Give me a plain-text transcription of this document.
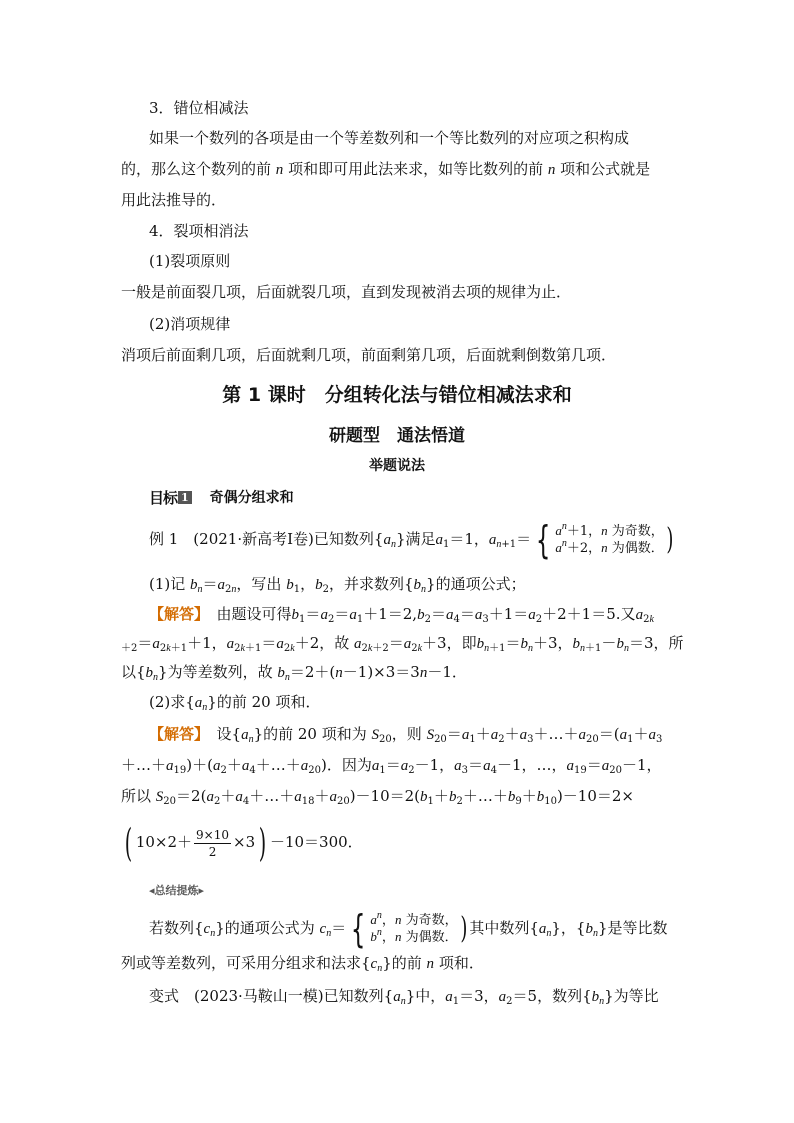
3．错位相减法
如果一个数列的各项是由一个等差数列和一个等比数列的对应项之积构成
的，那么这个数列的前 n 项和即可用此法来求，如等比数列的前 n 项和公式就是
用此法推导的．
4．裂项相消法
(1)裂项原则
一般是前面裂几项，后面就裂几项，直到发现被消去项的规律为止．
(2)消项规律
消项后前面剩几项，后面就剩几项，前面剩第几项，后面就剩倒数第几项．
第 1 课时　分组转化法与错位相减法求和
研题型　通法悟道
举题说法
目标 1 奇偶分组求和
例 1　(2021·新高考Ⅰ卷)已知数列$\{a_n\}$满足$a_1=1$，$a_{n+1}=$ { $a^n+1$，n 为奇数，
$a^n+2$，n 为偶数．)
(1)记 $b_n=a_{2n}$，写出 $b_1$，$b_2$，并求数列$\{b_n\}$的通项公式；
【解答】　 由题设可得$b_1=a_2=a_1+1=2,b_2=a_4=a_3+1=a_2+2+1=5$.又$a_{2k}$
$_{+2}=a_{2k+1}+1$，$a_{2k+1}=a_{2k}+2$，故 $a_{2k+2}=a_{2k}+3$，即$b_{n+1}=b_n+3$，$b_{n+1}-b_n=3$，所
以$\{b_n\}$为等差数列，故 $b_n=2+(n-1)\times 3=3n-1$．
(2)求$\{a_n\}$的前 20 项和．
【解答】　 设$\{a_n\}$的前 20 项和为 $S_{20}$，则 $S_{20}=a_1+a_2+a_3+\dots+a_{20}=(a_1+a_3$
$+\dots+a_{19})+(a_2+a_4+\dots+a_{20})$．因为$a_1=a_2-1$，$a_3=a_4-1$，…，$a_{19}=a_{20}-1$，
所以 $S_{20}=2(a_2+a_4+\dots+a_{18}+a_{20})-10=2(b_1+b_2+\dots+b_9+b_{10})-10=2\times$
( $10\times 2+ \frac{9\times 10}{2} \times 3) -10=300$．
◂总结提炼▸
若数列$\{c_n\}$的通项公式为 $c_n=$ { $a^n$，n 为奇数，
$b^n$，n 为偶数．) 其中数列$\{a_n\}$，$\{b_n\}$是等比数
列或等差数列，可采用分组求和法求$\{c_n\}$的前 n 项和．
变式　(2023·马鞍山一模)已知数列$\{a_n\}$中，$a_1=3$，$a_2=5$，数列$\{b_n\}$为等比
